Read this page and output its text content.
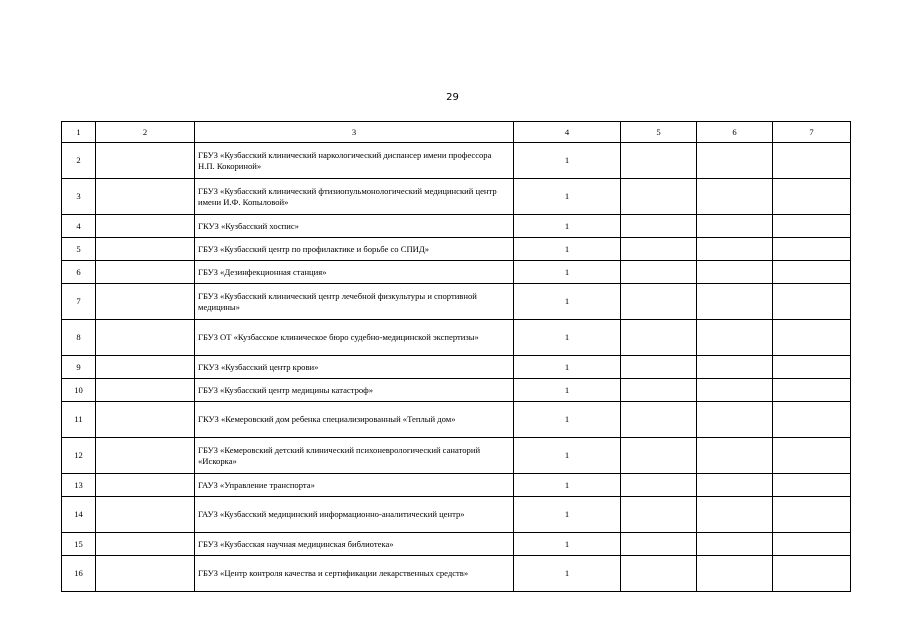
29
1	2	3	4	5	6	7
2		ГБУЗ «Кузбасский клинический наркологический диспансер имени профессора Н.П. Кокориной»	1			
3		ГБУЗ «Кузбасский клинический фтизиопульмонологический медицинский центр имени И.Ф. Копыловой»	1			
4		ГКУЗ «Кузбасский хоспис»	1			
5		ГБУЗ «Кузбасский центр по профилактике и борьбе со СПИД»	1			
6		ГБУЗ «Дезинфекционная станция»	1			
7		ГБУЗ «Кузбасский клинический центр лечебной физкультуры и спортивной медицины»	1			
8		ГБУЗ ОТ «Кузбасское клиническое бюро судебно-медицинской экспертизы»	1			
9		ГКУЗ «Кузбасский центр крови»	1			
10		ГБУЗ «Кузбасский центр медицины катастроф»	1			
11		ГКУЗ «Кемеровский дом ребенка специализированный «Теплый дом»	1			
12		ГБУЗ «Кемеровский детский клинический психоневрологический санаторий «Искорка»	1			
13		ГАУЗ «Управление транспорта»	1			
14		ГАУЗ «Кузбасский медицинский информационно-аналитический центр»	1			
15		ГБУЗ «Кузбасская научная медицинская библиотека»	1			
16		ГБУЗ «Центр контроля качества и сертификации лекарственных средств»	1			
